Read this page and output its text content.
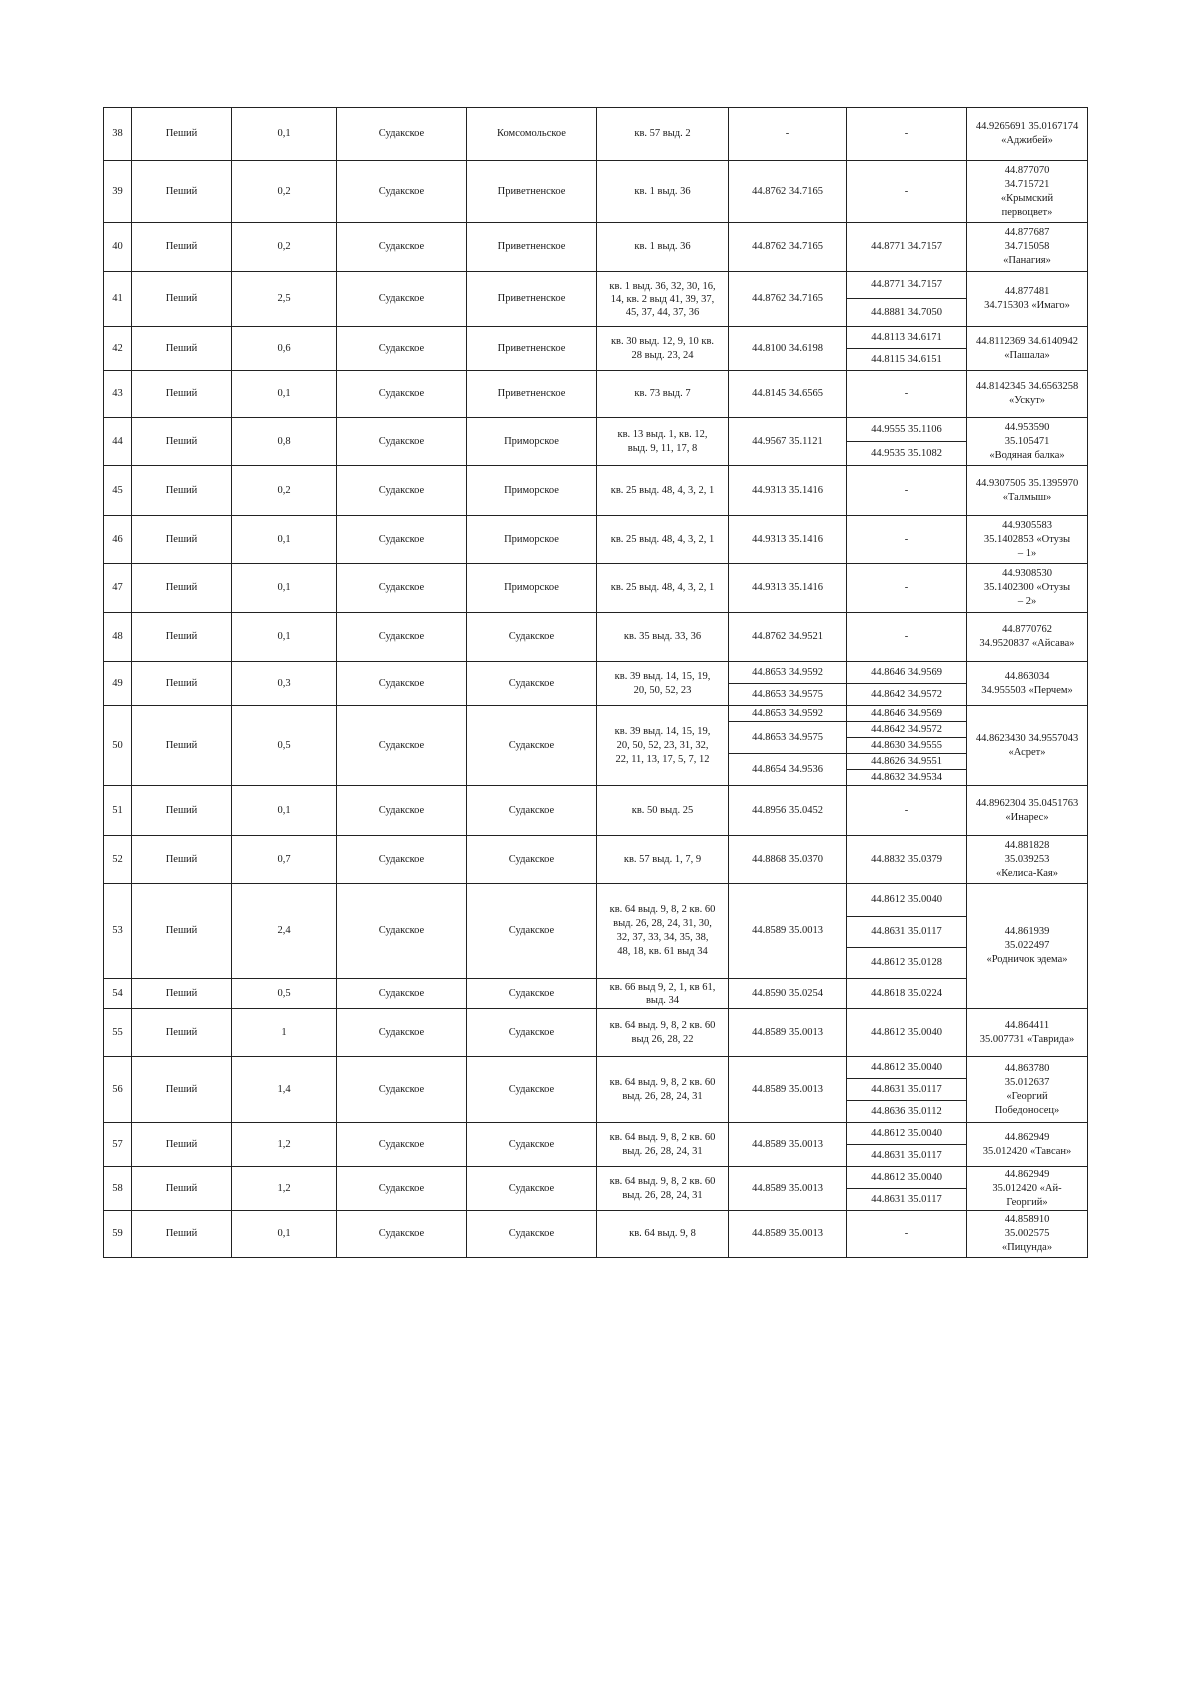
38	Пеший	0,1	Судакское	Комсомольское	кв. 57 выд. 2	-	-	44.9265691 35.0167174
«Аджибей»

39	Пеший	0,2	Судакское	Приветненское	кв. 1 выд. 36	44.8762 34.7165	-	44.877070
34.715721
«Крымский
первоцвет»

40	Пеший	0,2	Судакское	Приветненское	кв. 1 выд. 36	44.8762 34.7165	44.8771 34.7157	44.877687
34.715058
«Панагия»

41	Пеший	2,5	Судакское	Приветненское	кв. 1 выд. 36, 32, 30, 16,
14, кв. 2 выд 41, 39, 37,
45, 37, 44, 37, 36	44.8762 34.7165	44.8771 34.7157	44.877481
34.715303 «Имаго»

							44.8881 34.7050	
42	Пеший	0,6	Судакское	Приветненское	кв. 30 выд. 12, 9, 10 кв.
28 выд. 23, 24	44.8100 34.6198	44.8113 34.6171	44.8112369 34.6140942
«Пашала»

							44.8115 34.6151	
43	Пеший	0,1	Судакское	Приветненское	кв. 73 выд. 7	44.8145 34.6565	-	44.8142345 34.6563258
«Ускут»

44	Пеший	0,8	Судакское	Приморское	кв. 13 выд. 1, кв. 12,
выд. 9, 11, 17, 8	44.9567 35.1121	44.9555 35.1106	44.953590
35.105471
«Водяная балка»

							44.9535 35.1082	
45	Пеший	0,2	Судакское	Приморское	кв. 25 выд. 48, 4, 3, 2, 1	44.9313 35.1416	-	44.9307505 35.1395970
«Талмыш»

46	Пеший	0,1	Судакское	Приморское	кв. 25 выд. 48, 4, 3, 2, 1	44.9313 35.1416	-	44.9305583
35.1402853 «Отузы
– 1»

47	Пеший	0,1	Судакское	Приморское	кв. 25 выд. 48, 4, 3, 2, 1	44.9313 35.1416	-	44.9308530
35.1402300 «Отузы
– 2»

48	Пеший	0,1	Судакское	Судакское	кв. 35 выд. 33, 36	44.8762 34.9521	-	44.8770762
34.9520837 «Айсава»

49	Пеший	0,3	Судакское	Судакское	кв. 39 выд. 14, 15, 19,
20, 50, 52, 23	44.8653 34.9592	44.8646 34.9569	44.863034
34.955503 «Перчем»

						44.8653 34.9575	44.8642 34.9572	
50	Пеший	0,5	Судакское	Судакское	кв. 39 выд. 14, 15, 19,
20, 50, 52, 23, 31, 32,
22, 11, 13, 17, 5, 7, 12	44.8653 34.9592	44.8646 34.9569	44.8623430 34.9557043
«Асрет»

						44.8653 34.9575	44.8642 34.9572	
							44.8630 34.9555	
						44.8654 34.9536	44.8626 34.9551	
							44.8632 34.9534	
51	Пеший	0,1	Судакское	Судакское	кв. 50 выд. 25	44.8956 35.0452	-	44.8962304 35.0451763
«Инарес»

52	Пеший	0,7	Судакское	Судакское	кв. 57 выд. 1, 7, 9	44.8868 35.0370	44.8832 35.0379	44.881828
35.039253
«Келиса-Кая»

53	Пеший	2,4	Судакское	Судакское	кв. 64 выд. 9, 8, 2 кв. 60
выд. 26, 28, 24, 31, 30,
32, 37, 33, 34, 35, 38,
48, 18, кв. 61 выд 34	44.8589 35.0013	44.8612 35.0040	44.861939
35.022497
«Родничок эдема»

							44.8631 35.0117	
							44.8612 35.0128	
54	Пеший	0,5	Судакское	Судакское	кв. 66 выд 9, 2, 1, кв 61,
выд. 34	44.8590 35.0254	44.8618 35.0224	
55	Пеший	1	Судакское	Судакское	кв. 64 выд. 9, 8, 2 кв. 60
выд 26, 28, 22	44.8589 35.0013	44.8612 35.0040	44.864411
35.007731 «Таврида»

56	Пеший	1,4	Судакское	Судакское	кв. 64 выд. 9, 8, 2 кв. 60
выд. 26, 28, 24, 31	44.8589 35.0013	44.8612 35.0040	44.863780
35.012637
«Георгий
Победоносец»

							44.8631 35.0117	
							44.8636 35.0112	
57	Пеший	1,2	Судакское	Судакское	кв. 64 выд. 9, 8, 2 кв. 60
выд. 26, 28, 24, 31	44.8589 35.0013	44.8612 35.0040	44.862949
35.012420 «Тавсан»

							44.8631 35.0117	
58	Пеший	1,2	Судакское	Судакское	кв. 64 выд. 9, 8, 2 кв. 60
выд. 26, 28, 24, 31	44.8589 35.0013	44.8612 35.0040	44.862949
35.012420 «Ай-
Георгий»

							44.8631 35.0117	
59	Пеший	0,1	Судакское	Судакское	кв. 64 выд. 9, 8	44.8589 35.0013	-	44.858910
35.002575
«Пицунда»
